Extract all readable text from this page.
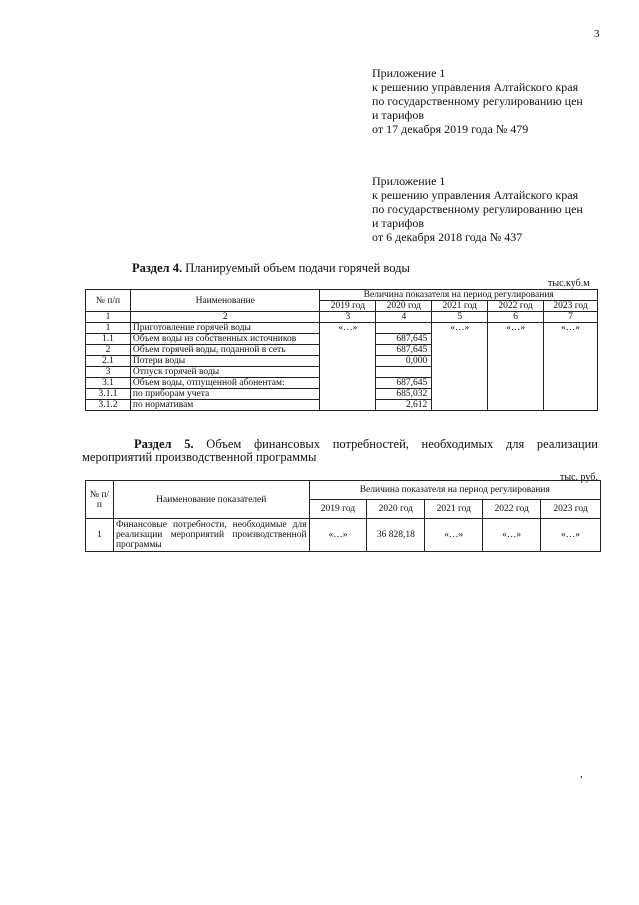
3
Приложение 1
к решению управления Алтайского края
по государственному регулированию цен
и тарифов
от 17 декабря 2019 года № 479
Приложение 1
к решению управления Алтайского края
по государственному регулированию цен
и тарифов
от 6 декабря 2018 года № 437
Раздел 4. Планируемый объем подачи горячей воды
тыс.куб.м
№ п/п	Наименование	Величина показателя на период регулирования				
		2019 год	2020 год	2021 год	2022 год	2023 год
1	2	3	4	5	6	7
1	Приготовление горячей воды	«…»		«…»	«…»	«…»
1.1	Объем воды из собственных источников		687,645			
2	Объем горячей воды, поданной в сеть		687,645			
2.1	Потери воды		0,000			
3	Отпуск горячей воды					
3.1	Объем воды, отпущенной абонентам:		687,645			
3.1.1	по приборам учета		685,032			
3.1.2	по нормативам		2,612			
Раздел 5. Объем финансовых потребностей, необходимых для реализации
мероприятий производственной программы
тыс. руб.
№ п/ п	Наименование показателей	Величина показателя на период регулирования				
		2019 год	2020 год	2021 год	2022 год	2023 год
1	Финансовые потребности, необходимые для реализации мероприятий производственной программы	«…»	36 828,18	«…»	«…»	«…»
,
